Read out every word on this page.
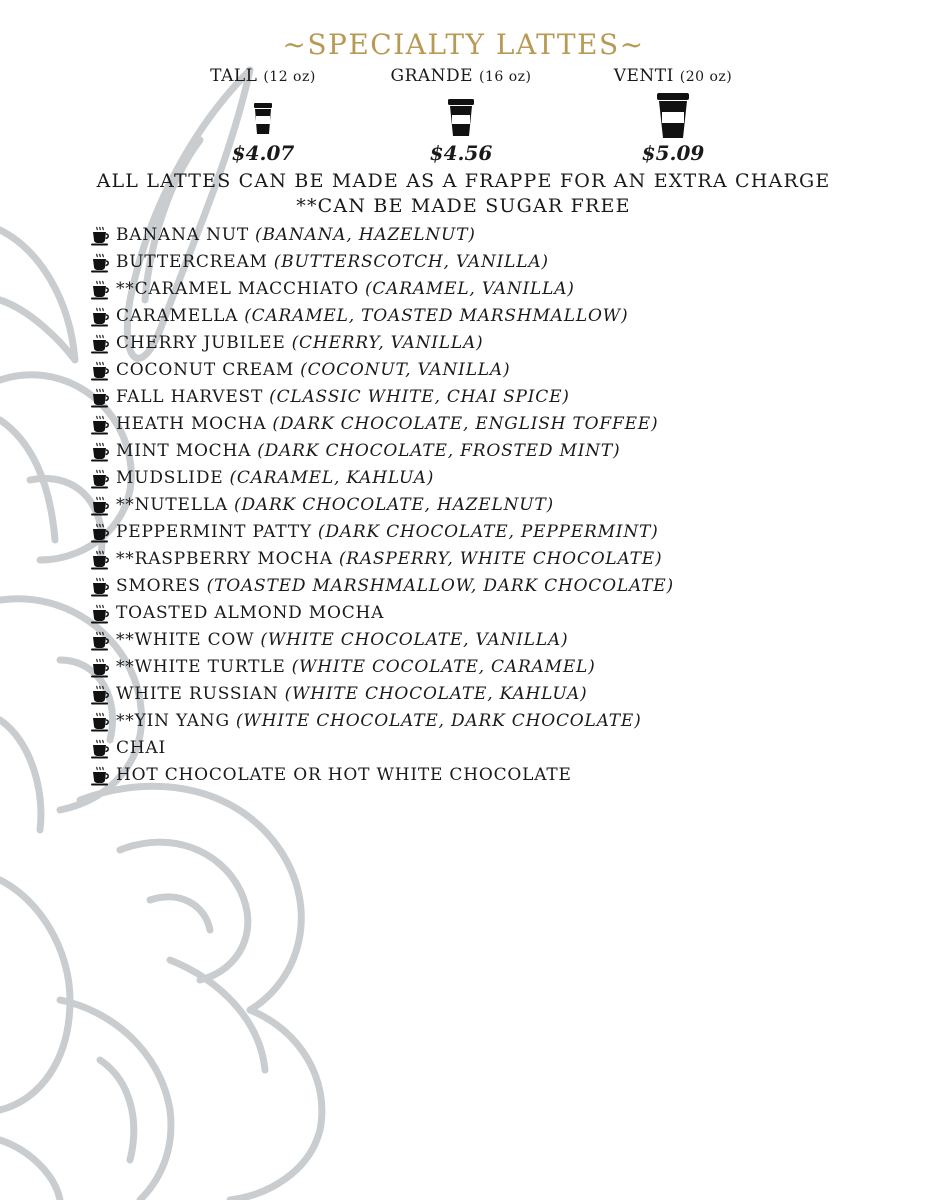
~SPECIALTY LATTES~
TALL (12 oz)
$4.07
GRANDE (16 oz)
$4.56
VENTI (20 oz)
$5.09

ALL LATTES CAN BE MADE AS A FRAPPE FOR AN EXTRA CHARGE

**CAN BE MADE SUGAR FREE

BANANA NUT (BANANA, HAZELNUT)
BUTTERCREAM (BUTTERSCOTCH, VANILLA)
**CARAMEL MACCHIATO (CARAMEL, VANILLA)
CARAMELLA (CARAMEL, TOASTED MARSHMALLOW)
CHERRY JUBILEE (CHERRY, VANILLA)
COCONUT CREAM (COCONUT, VANILLA)
FALL HARVEST (CLASSIC WHITE, CHAI SPICE)
HEATH MOCHA (DARK CHOCOLATE, ENGLISH TOFFEE)
MINT MOCHA (DARK CHOCOLATE, FROSTED MINT)
MUDSLIDE (CARAMEL, KAHLUA)
**NUTELLA (DARK CHOCOLATE, HAZELNUT)
PEPPERMINT PATTY (DARK CHOCOLATE, PEPPERMINT)
**RASPBERRY MOCHA (RASPERRY, WHITE CHOCOLATE)
SMORES (TOASTED MARSHMALLOW, DARK CHOCOLATE)
TOASTED ALMOND MOCHA
**WHITE COW (WHITE CHOCOLATE, VANILLA)
**WHITE TURTLE (WHITE COCOLATE, CARAMEL)
WHITE RUSSIAN (WHITE CHOCOLATE, KAHLUA)
**YIN YANG (WHITE CHOCOLATE, DARK CHOCOLATE)
CHAI
HOT CHOCOLATE OR HOT WHITE CHOCOLATE
